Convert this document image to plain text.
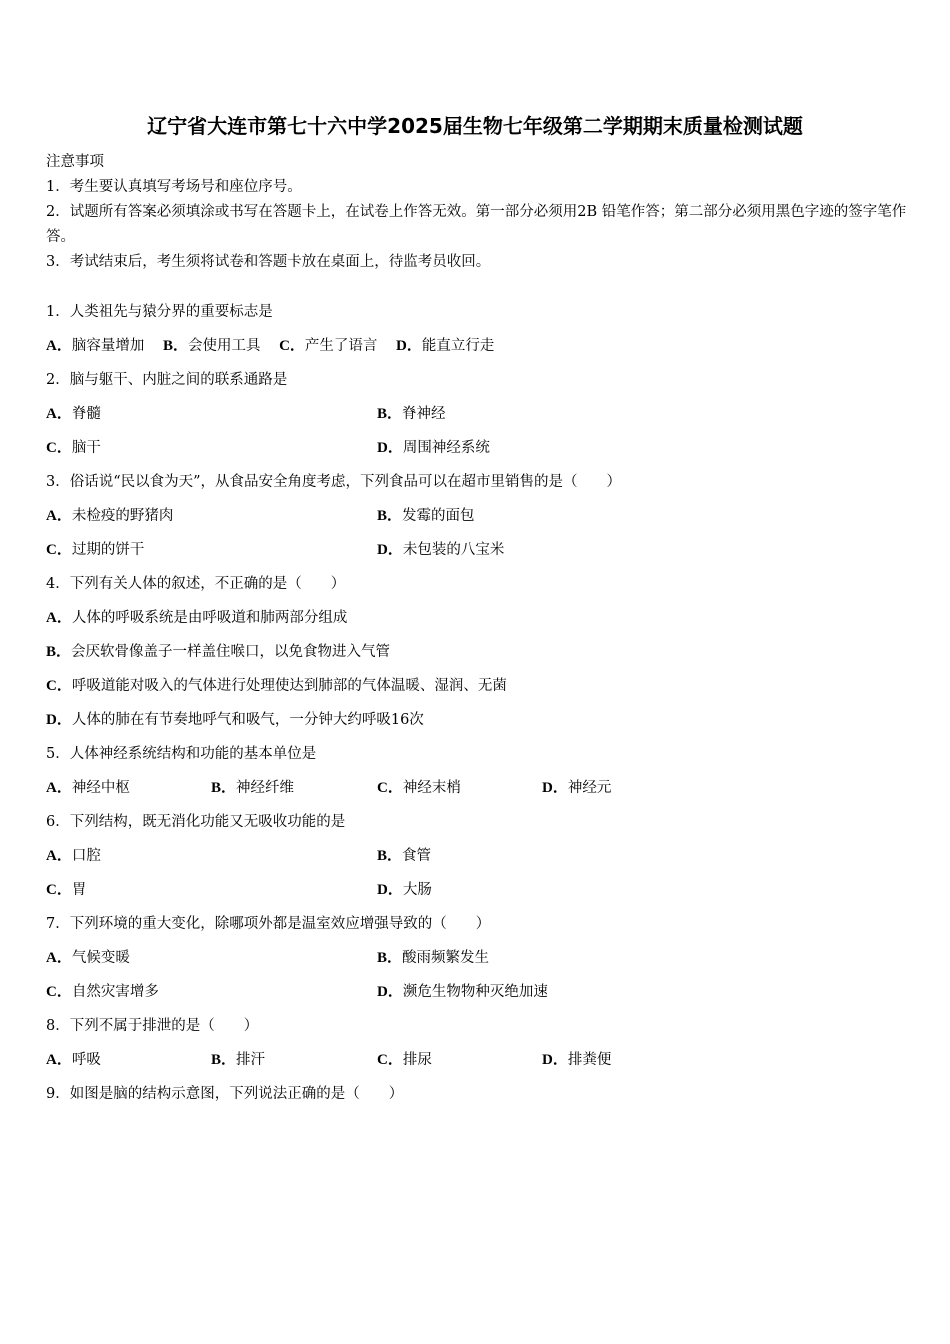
辽宁省大连市第七十六中学2025届生物七年级第二学期期末质量检测试题
注意事项
1．考生要认真填写考场号和座位序号。
2．试题所有答案必须填涂或书写在答题卡上，在试卷上作答无效。第一部分必须用2B 铅笔作答；第二部分必须用黑色字迹的签字笔作答。
3．考试结束后，考生须将试卷和答题卡放在桌面上，待监考员收回。
1．人类祖先与猿分界的重要标志是
A．脑容量增加 B．会使用工具 C．产生了语言 D．能直立行走
2．脑与躯干、内脏之间的联系通路是
A．脊髓	B．脊神经
C．脑干	D．周围神经系统
3．俗话说“民以食为天”，从食品安全角度考虑，下列食品可以在超市里销售的是（　　）
A．未检疫的野猪肉	B．发霉的面包
C．过期的饼干	D．未包装的八宝米
4．下列有关人体的叙述，不正确的是（　　）
A．人体的呼吸系统是由呼吸道和肺两部分组成
B．会厌软骨像盖子一样盖住喉口，以免食物进入气管
C．呼吸道能对吸入的气体进行处理使达到肺部的气体温暖、湿润、无菌
D．人体的肺在有节奏地呼气和吸气，一分钟大约呼吸16次
5．人体神经系统结构和功能的基本单位是
A．神经中枢	B．神经纤维	C．神经末梢	D．神经元
6．下列结构，既无消化功能又无吸收功能的是
A．口腔	B．食管
C．胃	D．大肠
7．下列环境的重大变化，除哪项外都是温室效应增强导致的（　　）
A．气候变暖	B．酸雨频繁发生
C．自然灾害增多	D．濒危生物物种灭绝加速
8．下列不属于排泄的是（　　）
A．呼吸	B．排汗	C．排尿	D．排粪便
9．如图是脑的结构示意图，下列说法正确的是（　　）
